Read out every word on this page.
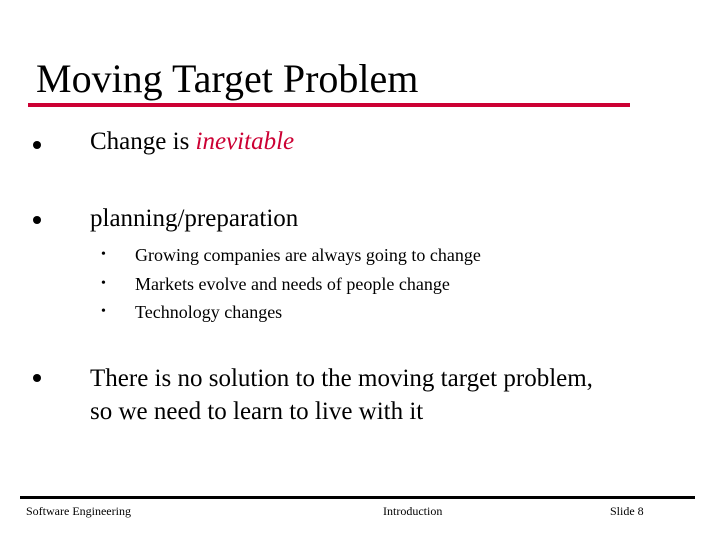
Moving Target Problem
Change is inevitable
planning/preparation
• Growing companies are always going to change
• Markets evolve and needs of people change
• Technology changes
There is no solution to the moving target problem,
so we need to learn to live with it
Software Engineering	Introduction	Slide 8
